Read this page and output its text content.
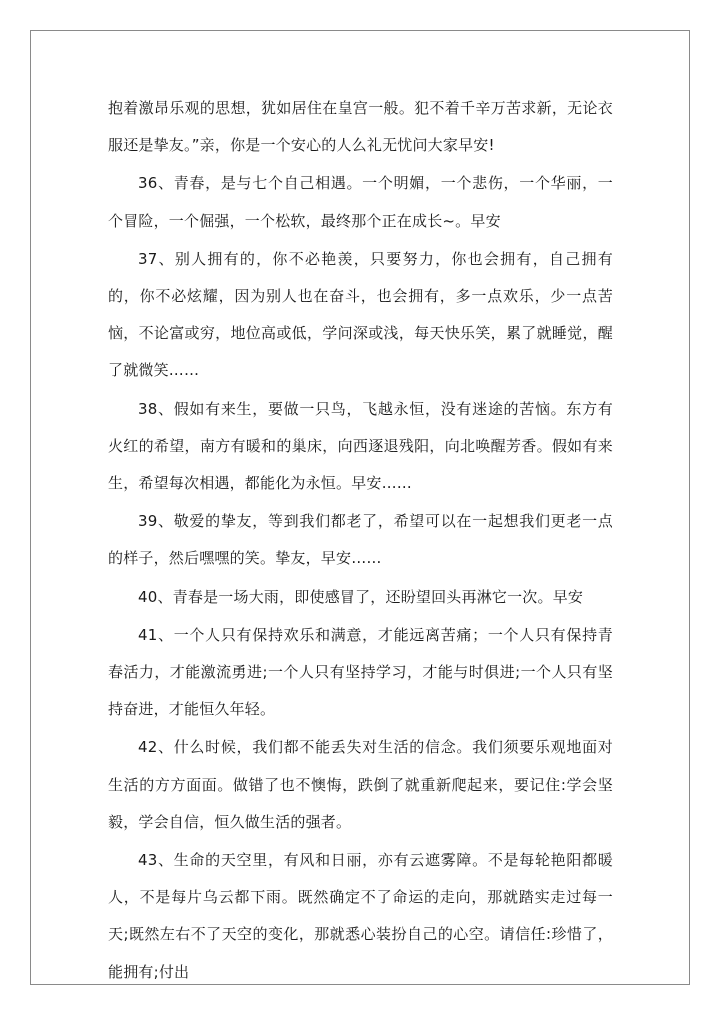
抱着激昂乐观的思想，犹如居住在皇宫一般。犯不着千辛万苦求新，无论衣服还是挚友。”亲，你是一个安心的人么礼无忧问大家早安!

36、青春，是与七个自己相遇。一个明媚，一个悲伤，一个华丽，一个冒险，一个倔强，一个松软，最终那个正在成长~。早安

37、别人拥有的，你不必艳羡，只要努力，你也会拥有，自己拥有的，你不必炫耀，因为别人也在奋斗，也会拥有，多一点欢乐，少一点苦恼，不论富或穷，地位高或低，学问深或浅，每天快乐笑，累了就睡觉，醒了就微笑……

38、假如有来生，要做一只鸟，飞越永恒，没有迷途的苦恼。东方有火红的希望，南方有暖和的巢床，向西逐退残阳，向北唤醒芳香。假如有来生，希望每次相遇，都能化为永恒。早安……

39、敬爱的挚友，等到我们都老了，希望可以在一起想我们更老一点的样子，然后嘿嘿的笑。挚友，早安……

40、青春是一场大雨，即使感冒了，还盼望回头再淋它一次。早安

41、一个人只有保持欢乐和满意，才能远离苦痛；一个人只有保持青春活力，才能激流勇进;一个人只有坚持学习，才能与时俱进;一个人只有坚持奋进，才能恒久年轻。

42、什么时候，我们都不能丢失对生活的信念。我们须要乐观地面对生活的方方面面。做错了也不懊悔，跌倒了就重新爬起来，要记住:学会坚毅，学会自信，恒久做生活的强者。

43、生命的天空里，有风和日丽，亦有云遮雾障。不是每轮艳阳都暖人，不是每片乌云都下雨。既然确定不了命运的走向，那就踏实走过每一天;既然左右不了天空的变化，那就悉心装扮自己的心空。请信任:珍惜了，能拥有;付出
